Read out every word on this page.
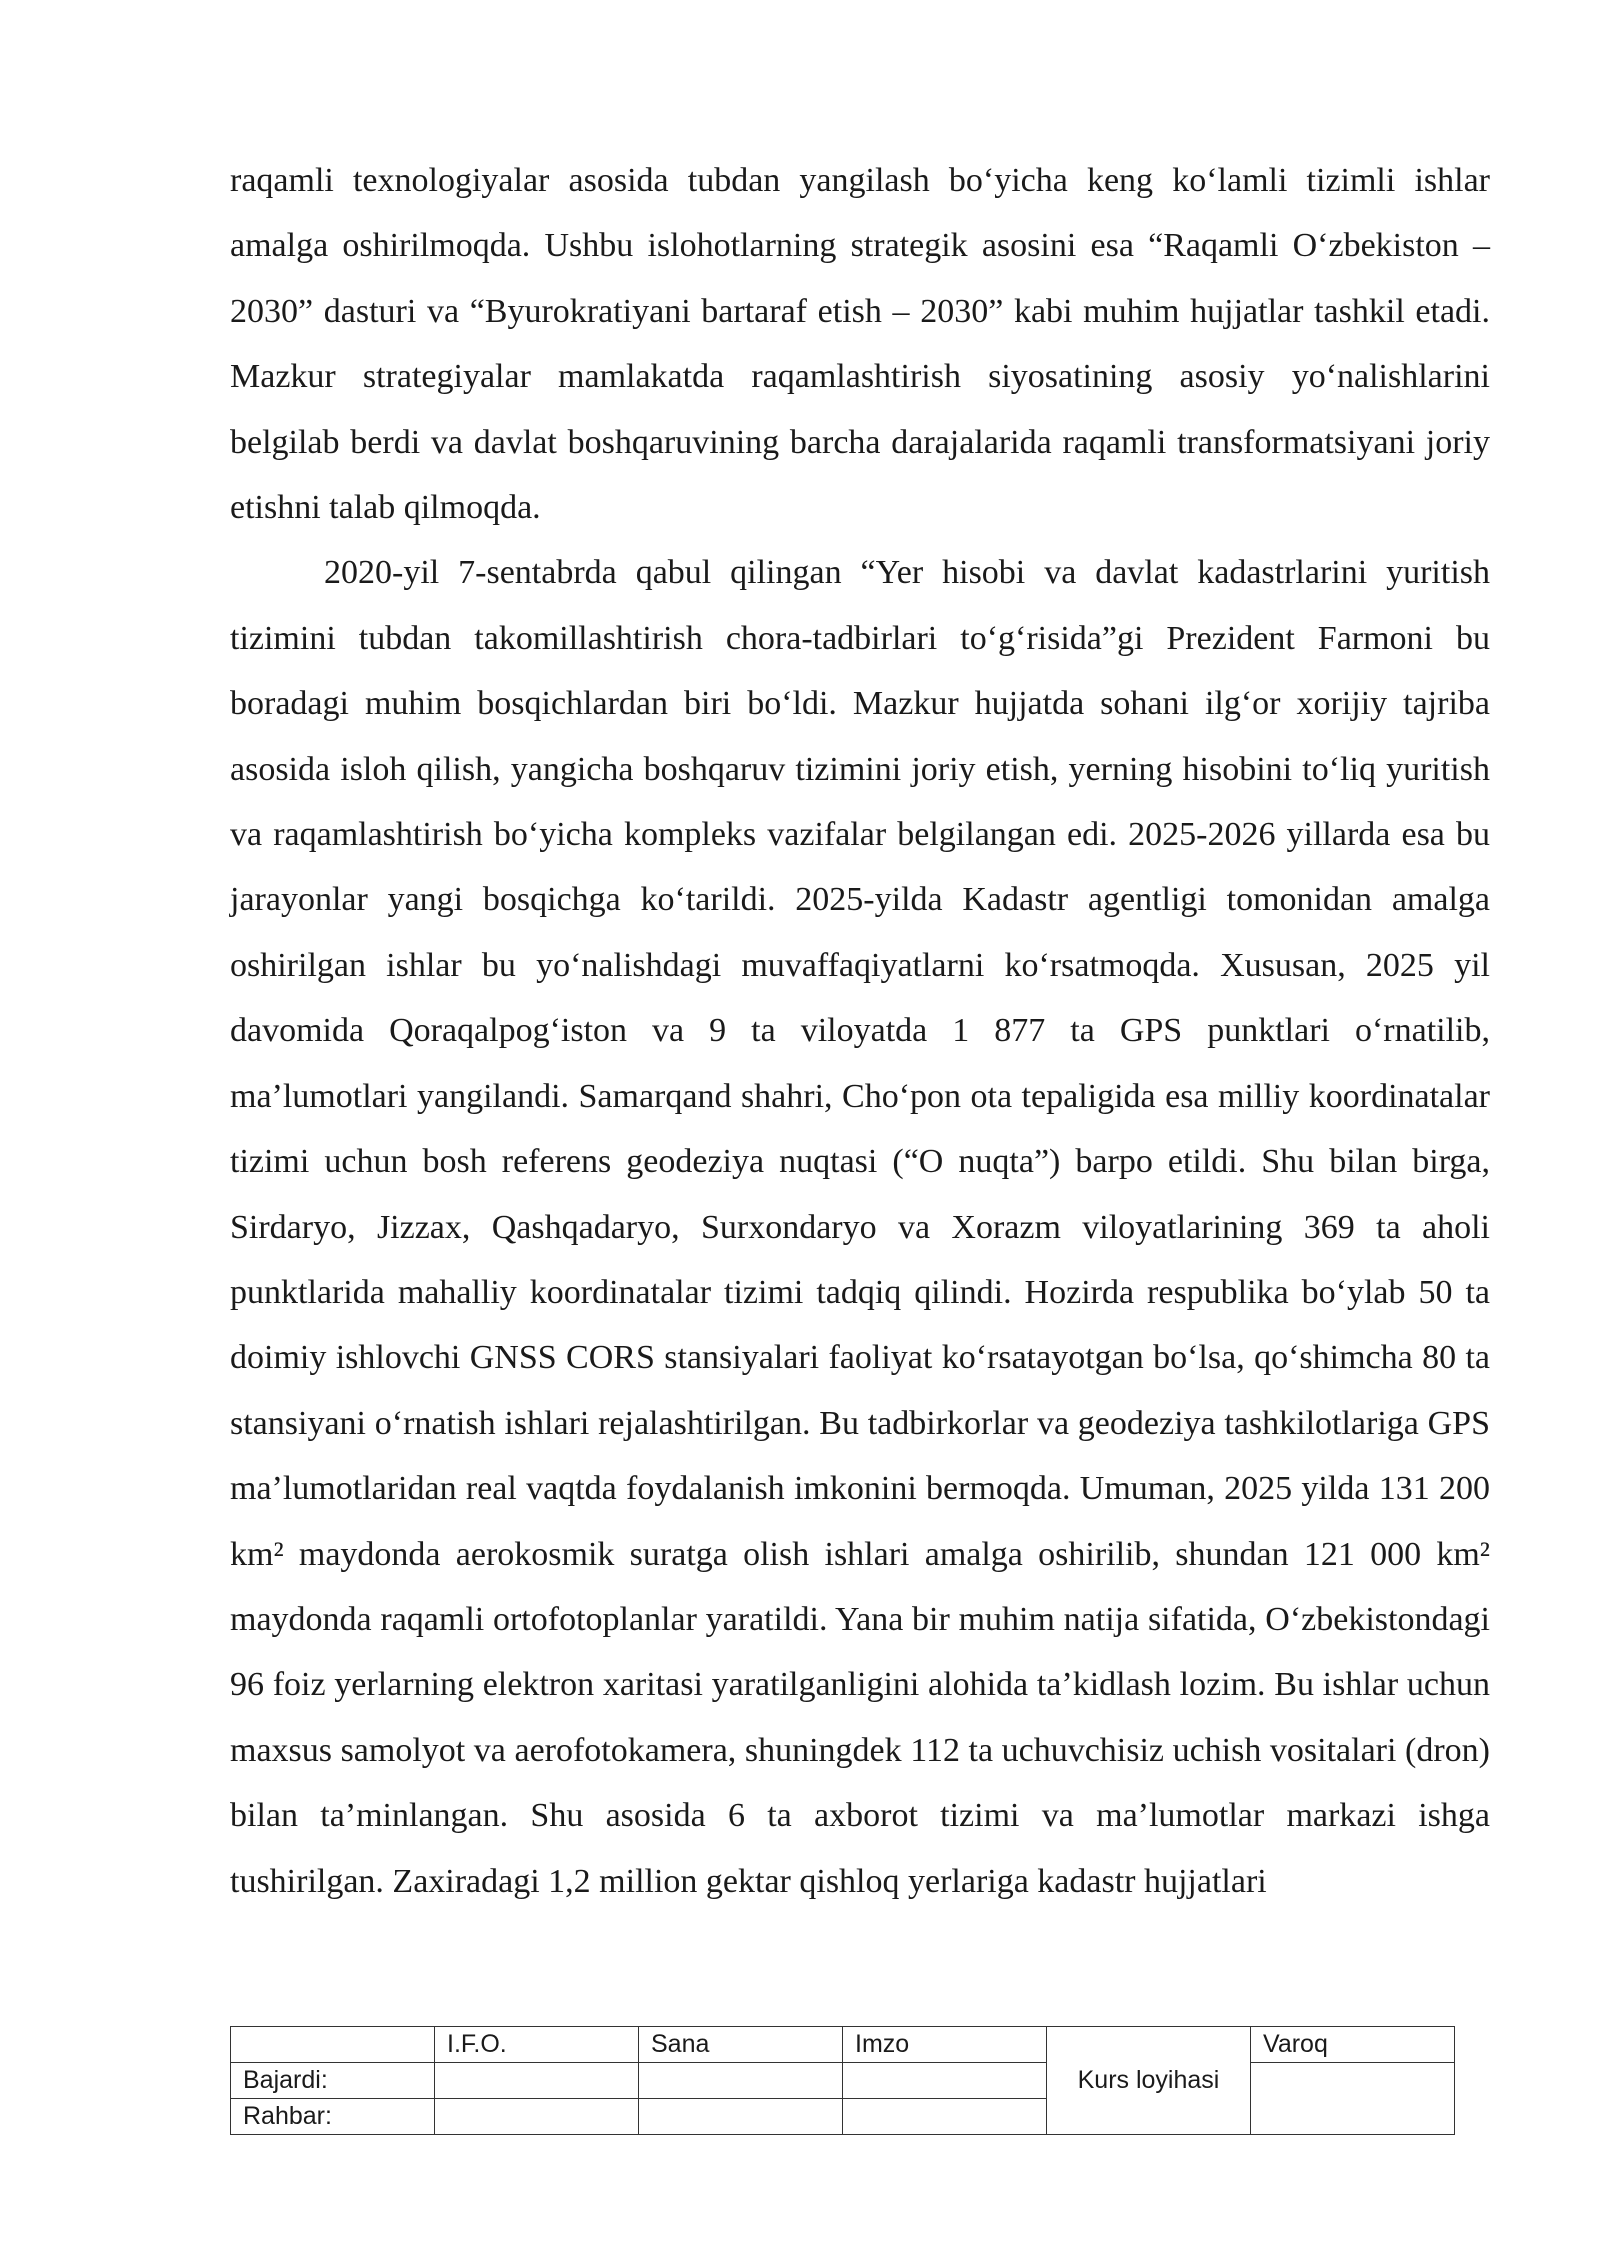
raqamli texnologiyalar asosida tubdan yangilash bo‘yicha keng ko‘lamli tizimli ishlar amalga oshirilmoqda. Ushbu islohotlarning strategik asosini esa “Raqamli O‘zbekiston – 2030” dasturi va “Byurokratiyani bartaraf etish – 2030” kabi muhim hujjatlar tashkil etadi. Mazkur strategiyalar mamlakatda raqamlashtirish siyosatining asosiy yo‘nalishlarini belgilab berdi va davlat boshqaruvining barcha darajalarida raqamli transformatsiyani joriy etishni talab qilmoqda.

2020-yil 7-sentabrda qabul qilingan “Yer hisobi va davlat kadastrlarini yuritish tizimini tubdan takomillashtirish chora-tadbirlari to‘g‘risida”gi Prezident Farmoni bu boradagi muhim bosqichlardan biri bo‘ldi. Mazkur hujjatda sohani ilg‘or xorijiy tajriba asosida isloh qilish, yangicha boshqaruv tizimini joriy etish, yerning hisobini to‘liq yuritish va raqamlashtirish bo‘yicha kompleks vazifalar belgilangan edi. 2025-2026 yillarda esa bu jarayonlar yangi bosqichga ko‘tarildi. 2025-yilda Kadastr agentligi tomonidan amalga oshirilgan ishlar bu yo‘nalishdagi muvaffaqiyatlarni ko‘rsatmoqda. Xususan, 2025 yil davomida Qoraqalpog‘iston va 9 ta viloyatda 1 877 ta GPS punktlari o‘rnatilib, ma’lumotlari yangilandi. Samarqand shahri, Cho‘pon ota tepaligida esa milliy koordinatalar tizimi uchun bosh referens geodeziya nuqtasi (“O nuqta”) barpo etildi. Shu bilan birga, Sirdaryo, Jizzax, Qashqadaryo, Surxondaryo va Xorazm viloyatlarining 369 ta aholi punktlarida mahalliy koordinatalar tizimi tadqiq qilindi. Hozirda respublika bo‘ylab 50 ta doimiy ishlovchi GNSS CORS stansiyalari faoliyat ko‘rsatayotgan bo‘lsa, qo‘shimcha 80 ta stansiyani o‘rnatish ishlari rejalashtirilgan. Bu tadbirkorlar va geodeziya tashkilotlariga GPS ma’lumotlaridan real vaqtda foydalanish imkonini bermoqda. Umuman, 2025 yilda 131 200 km² maydonda aerokosmik suratga olish ishlari amalga oshirilib, shundan 121 000 km² maydonda raqamli ortofotoplanlar yaratildi. Yana bir muhim natija sifatida, O‘zbekistondagi 96 foiz yerlarning elektron xaritasi yaratilganligini alohida ta’kidlash lozim. Bu ishlar uchun maxsus samolyot va aerofotokamera, shuningdek 112 ta uchuvchisiz uchish vositalari (dron) bilan ta’minlangan. Shu asosida 6 ta axborot tizimi va ma’lumotlar markazi ishga tushirilgan. Zaxiradagi 1,2 million gektar qishloq yerlariga kadastr hujjatlari

	I.F.O.	Sana	Imzo	Kurs loyihasi	Varoq
Bajardi:					
Rahbar:					
